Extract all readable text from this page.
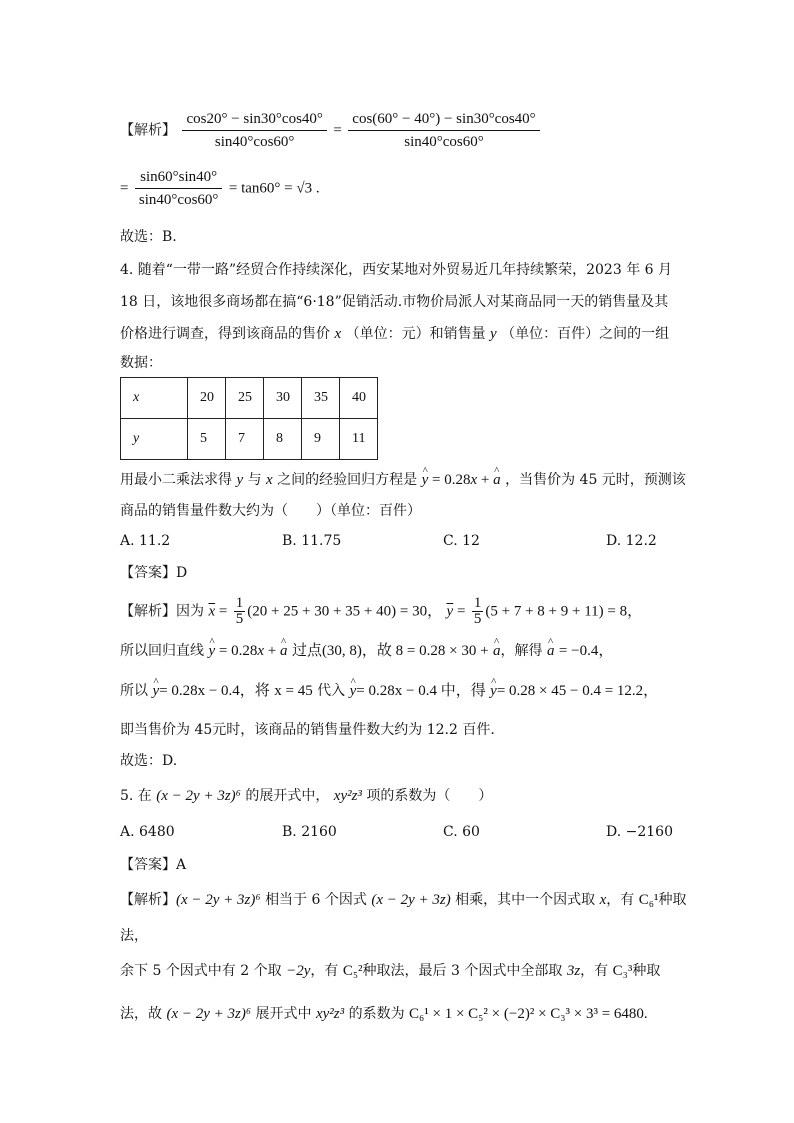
【解析】 $\frac{\cos 20^\circ - \sin 30^\circ\cos 40^\circ}{\sin 40^\circ\cos 60^\circ} = \frac{\cos(60^\circ - 40^\circ) - \sin 30^\circ\cos 40^\circ}{\sin 40^\circ\cos 60^\circ}$
= $\frac{\sin 60^\circ\sin 40^\circ}{\sin 40^\circ\cos 60^\circ} = \tan 60^\circ = √3$ .
故选：B.
4. 随着“一带一路”经贸合作持续深化，西安某地对外贸易近几年持续繁荣，2023 年 6 月
18 日，该地很多商场都在搞“6·18”促销活动.市物价局派人对某商品同一天的销售量及其
价格进行调查，得到该商品的售价 x （单位：元）和销售量 y （单位：百件）之间的一组
数据：
x	20	25	30	35	40
y	5	7	8	9	11
用最小二乘法求得 y 与 x 之间的经验回归方程是 y ^ = 0.28x + a ^ ，当售价为 45 元时，预测该
商品的销售量件数大约为（　　）（单位：百件）
A. 11.2	B. 11.75	C. 12	D. 12.2
【答案】D
【解析】因为 $\overline{x} = \frac{1}{5} (20 + 25 + 30 + 35 + 40) = 30$， $\overline{y} = \frac{1}{5} (5 + 7 + 8 + 9 + 11) = 8$，
所以回归直线 y ^ = 0.28x + a ^ 过点(30, 8)，故 8 = 0.28 × 30 + a ^，解得 a ^ = −0.4，
所以 y ^= 0.28x − 0.4，将 x = 45 代入 y ^= 0.28x − 0.4 中，得 y ^= 0.28 × 45 − 0.4 = 12.2，
即当售价为 45元时，该商品的销售量件数大约为 12.2 百件.
故选：D.
5. 在 (x − 2y + 3z)⁶ 的展开式中， xy²z³ 项的系数为（　　）
A. 6480	B. 2160	C. 60	D. −2160
【答案】A
【解析】(x − 2y + 3z)⁶ 相当于 6 个因式 (x − 2y + 3z) 相乘，其中一个因式取 x，有 C₆¹种取
法，
余下 5 个因式中有 2 个取 −2y，有 C₅²种取法，最后 3 个因式中全部取 3z，有 C₃³种取
法，故 (x − 2y + 3z)⁶ 展开式中 xy²z³ 的系数为 C₆¹ × 1 × C₅² × (−2)² × C₃³ × 3³ = 6480.
